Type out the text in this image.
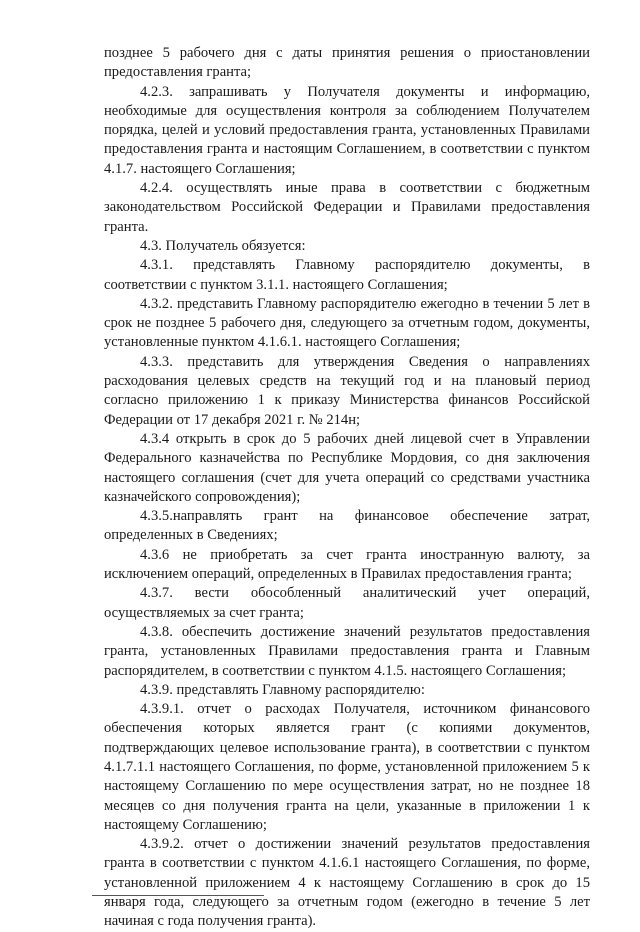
позднее 5 рабочего дня с даты принятия решения о приостановлении предоставления гранта;

4.2.3. запрашивать у Получателя документы и информацию, необходимые для осуществления контроля за соблюдением Получателем порядка, целей и условий предоставления гранта, установленных Правилами предоставления гранта и настоящим Соглашением, в соответствии с пунктом 4.1.7. настоящего Соглашения;

4.2.4. осуществлять иные права в соответствии с бюджетным законодательством Российской Федерации и Правилами предоставления гранта.

4.3. Получатель обязуется:

4.3.1. представлять Главному распорядителю документы, в соответствии с пунктом 3.1.1. настоящего Соглашения;

4.3.2. представить Главному распорядителю ежегодно в течении 5 лет в срок не позднее 5 рабочего дня, следующего за отчетным годом, документы, установленные пунктом 4.1.6.1. настоящего Соглашения;

4.3.3. представить для утверждения Сведения о направлениях расходования целевых средств на текущий год и на плановый период согласно приложению 1 к приказу Министерства финансов Российской Федерации от 17 декабря 2021 г. № 214н;

4.3.4 открыть в срок до 5 рабочих дней лицевой счет в Управлении Федерального казначейства по Республике Мордовия, со дня заключения настоящего соглашения (счет для учета операций со средствами участника казначейского сопровождения);

4.3.5.направлять грант на финансовое обеспечение затрат, определенных в Сведениях;

4.3.6 не приобретать за счет гранта иностранную валюту, за исключением операций, определенных в Правилах предоставления гранта;

4.3.7. вести обособленный аналитический учет операций, осуществляемых за счет гранта;

4.3.8. обеспечить достижение значений результатов предоставления гранта, установленных Правилами предоставления гранта и Главным распорядителем, в соответствии с пунктом 4.1.5. настоящего Соглашения;

4.3.9. представлять Главному распорядителю:

4.3.9.1. отчет о расходах Получателя, источником финансового обеспечения которых является грант (с копиями документов, подтверждающих целевое использование гранта), в соответствии с пунктом 4.1.7.1.1 настоящего Соглашения, по форме, установленной приложением 5 к настоящему Соглашению по мере осуществления затрат, но не позднее 18 месяцев со дня получения гранта на цели, указанные в приложении 1 к настоящему Соглашению;

4.3.9.2. отчет о достижении значений результатов предоставления гранта в соответствии с пунктом 4.1.6.1 настоящего Соглашения, по форме, установленной приложением 4 к настоящему Соглашению в срок до 15 января года, следующего за отчетным годом (ежегодно в течение 5 лет начиная с года получения гранта).
